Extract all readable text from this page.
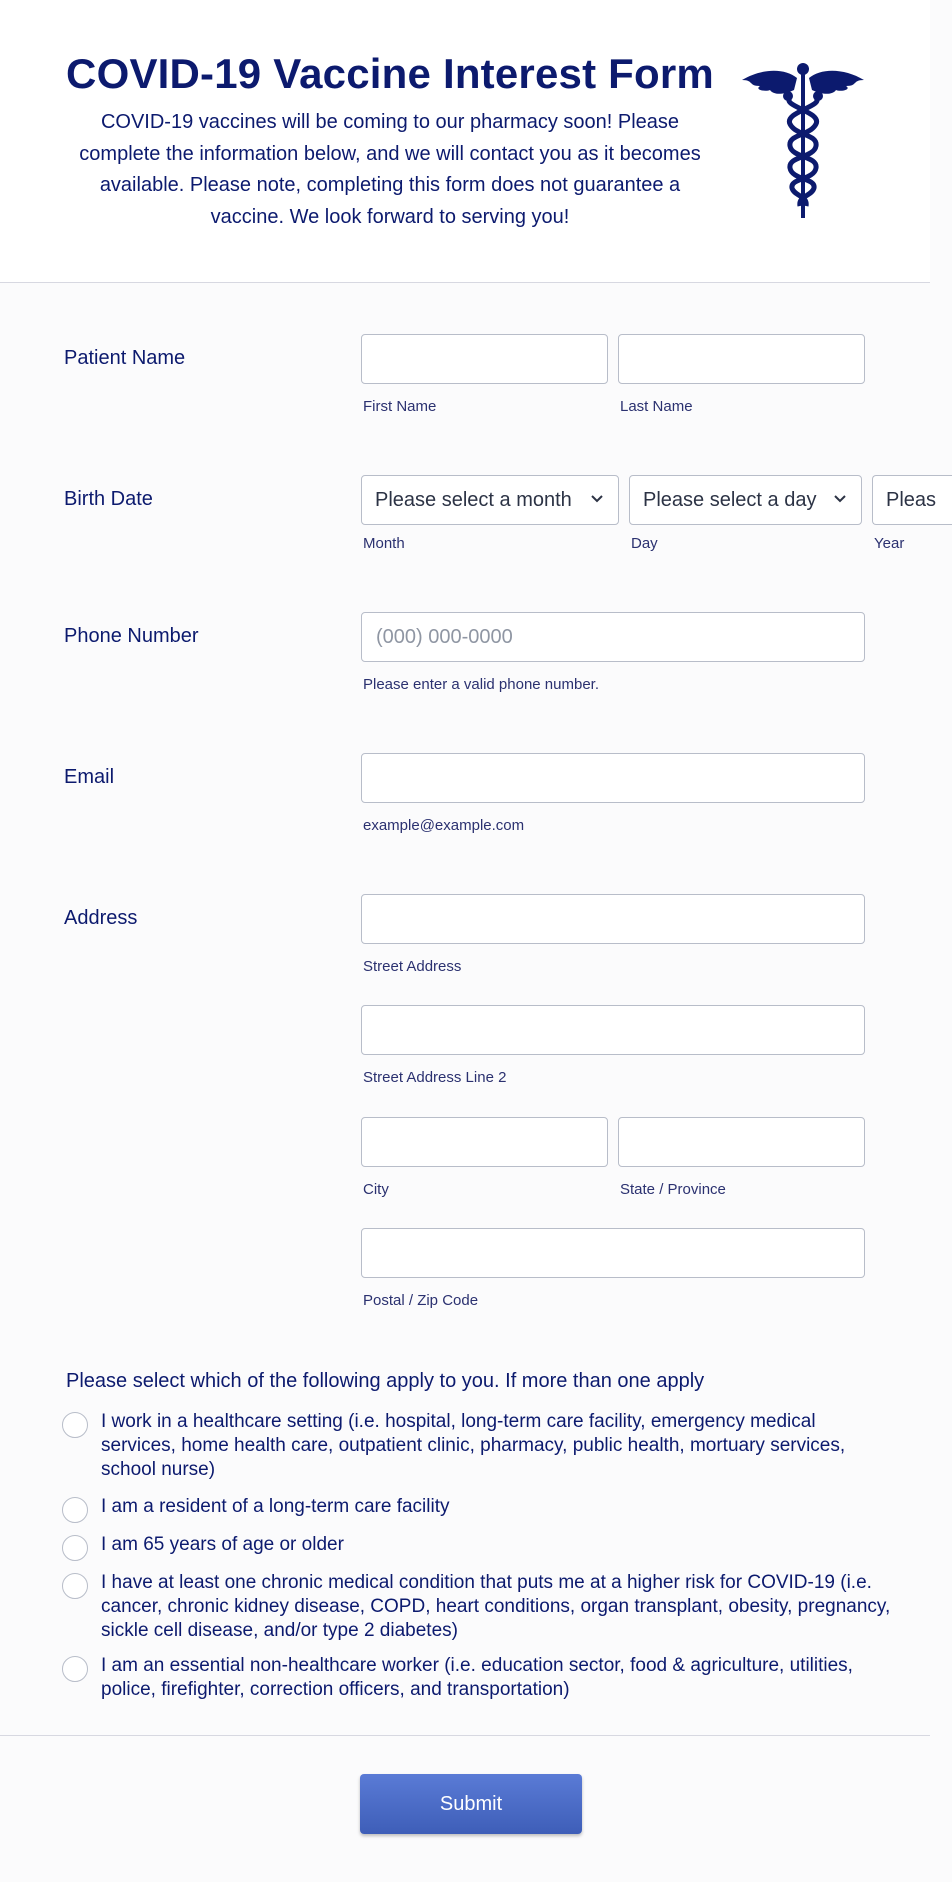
COVID-19 Vaccine Interest Form
COVID-19 vaccines will be coming to our pharmacy soon! Please complete the information below, and we will contact you as it becomes available. Please note, completing this form does not guarantee a vaccine. We look forward to serving you!
Patient Name
First Name	Last Name
Birth Date	Please select a month	Please select a day	Pleas
Month	Day	Year
Phone Number
(000) 000-0000
Please enter a valid phone number.
Email
example@example.com
Address
Street Address
Street Address Line 2
City	State / Province
Postal / Zip Code
Please select which of the following apply to you. If more than one apply
I work in a healthcare setting (i.e. hospital, long-term care facility, emergency medical services, home health care, outpatient clinic, pharmacy, public health, mortuary services, school nurse)
I am a resident of a long-term care facility
I am 65 years of age or older
I have at least one chronic medical condition that puts me at a higher risk for COVID-19 (i.e. cancer, chronic kidney disease, COPD, heart conditions, organ transplant, obesity, pregnancy, sickle cell disease, and/or type 2 diabetes)
I am an essential non-healthcare worker (i.e. education sector, food & agriculture, utilities, police, firefighter, correction officers, and transportation)
Submit
